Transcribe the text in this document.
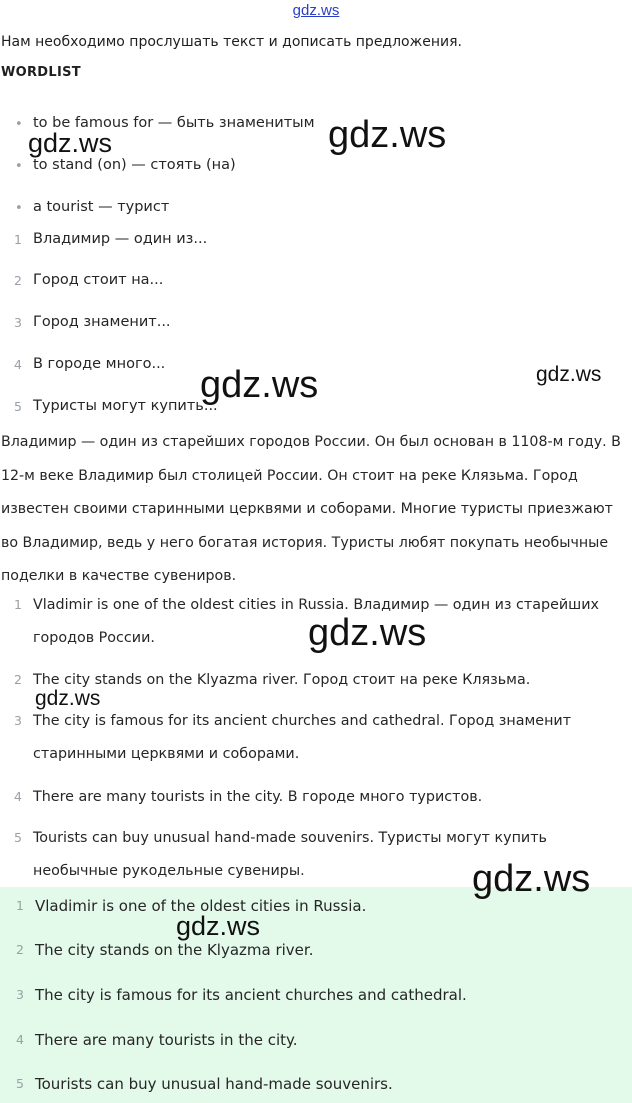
gdz.ws
Нам необходимо прослушать текст и дописать предложения.
WORDLIST
• to be famous for — быть знаменитым
• to stand (on) — стоять (на)
• a tourist — турист
1 Владимир — один из...
2 Город стоит на...
3 Город знаменит...
4 В городе много...
5 Туристы могут купить...
Владимир — один из старейших городов России. Он был основан в 1108-м году. В 12-м веке Владимир был столицей России. Он стоит на реке Клязьма. Город известен своими старинными церквями и соборами. Многие туристы приезжают во Владимир, ведь у него богатая история. Туристы любят покупать необычные поделки в качестве сувениров.
1 Vladimir is one of the oldest cities in Russia. Владимир — один из старейших городов России.
2 The city stands on the Klyazma river. Город стоит на реке Клязьма.
3 The city is famous for its ancient churches and cathedral. Город знаменит старинными церквями и соборами.
4 There are many tourists in the city. В городе много туристов.
5 Tourists can buy unusual hand-made souvenirs. Туристы могут купить необычные рукодельные сувениры.
1 Vladimir is one of the oldest cities in Russia.
2 The city stands on the Klyazma river.
3 The city is famous for its ancient churches and cathedral.
4 There are many tourists in the city.
5 Tourists can buy unusual hand-made souvenirs.
gdz.ws	gdz.ws
gdz.ws	gdz.ws
gdz.ws
gdz.ws
gdz.ws
gdz.ws
